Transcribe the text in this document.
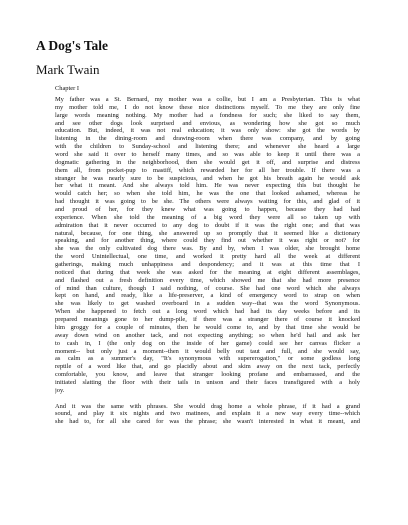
A Dog's Tale
Mark Twain

Chapter I

My father was a St. Bernard, my mother was a collie, but I am a Presbyterian. This is what
my mother told me, I do not know these nice distinctions myself. To me they are only fine
large words meaning nothing. My mother had a fondness for such; she liked to say them,
and see other dogs look surprised and envious, as wondering how she got so much
education. But, indeed, it was not real education; it was only show: she got the words by
listening in the dining-room and drawing-room when there was company, and by going
with the children to Sunday-school and listening there; and whenever she heard a large
word she said it over to herself many times, and so was able to keep it until there was a
dogmatic gathering in the neighborhood, then she would get it off, and surprise and distress
them all, from pocket-pup to mastiff, which rewarded her for all her trouble. If there was a
stranger he was nearly sure to be suspicious, and when he got his breath again he would ask
her what it meant. And she always told him. He was never expecting this but thought he
would catch her; so when she told him, he was the one that looked ashamed, whereas he
had thought it was going to be she. The others were always waiting for this, and glad of it
and proud of her, for they knew what was going to happen, because they had had
experience. When she told the meaning of a big word they were all so taken up with
admiration that it never occurred to any dog to doubt if it was the right one; and that was
natural, because, for one thing, she answered up so promptly that it seemed like a dictionary
speaking, and for another thing, where could they find out whether it was right or not? for
she was the only cultivated dog there was. By and by, when I was older, she brought home
the word Unintellectual, one time, and worked it pretty hard all the week at different
gatherings, making much unhappiness and despondency; and it was at this time that I
noticed that during that week she was asked for the meaning at eight different assemblages,
and flashed out a fresh definition every time, which showed me that she had more presence
of mind than culture, though I said nothing, of course. She had one word which she always
kept on hand, and ready, like a life-preserver, a kind of emergency word to strap on when
she was likely to get washed overboard in a sudden way--that was the word Synonymous.
When she happened to fetch out a long word which had had its day weeks before and its
prepared meanings gone to her dump-pile, if there was a stranger there of course it knocked
him groggy for a couple of minutes, then he would come to, and by that time she would be
away down wind on another tack, and not expecting anything; so when he'd hail and ask her
to cash in, I (the only dog on the inside of her game) could see her canvas flicker a
moment-- but only just a moment--then it would belly out taut and full, and she would say,
as calm as a summer's day, "It's synonymous with supererogation," or some godless long
reptile of a word like that, and go placidly about and skim away on the next tack, perfectly
comfortable, you know, and leave that stranger looking profane and embarrassed, and the
initiated slatting the floor with their tails in unison and their faces transfigured with a holy
joy.
And it was the same with phrases. She would drag home a whole phrase, if it had a grand
sound, and play it six nights and two matinees, and explain it a new way every time--which
she had to, for all she cared for was the phrase; she wasn't interested in what it meant, and
